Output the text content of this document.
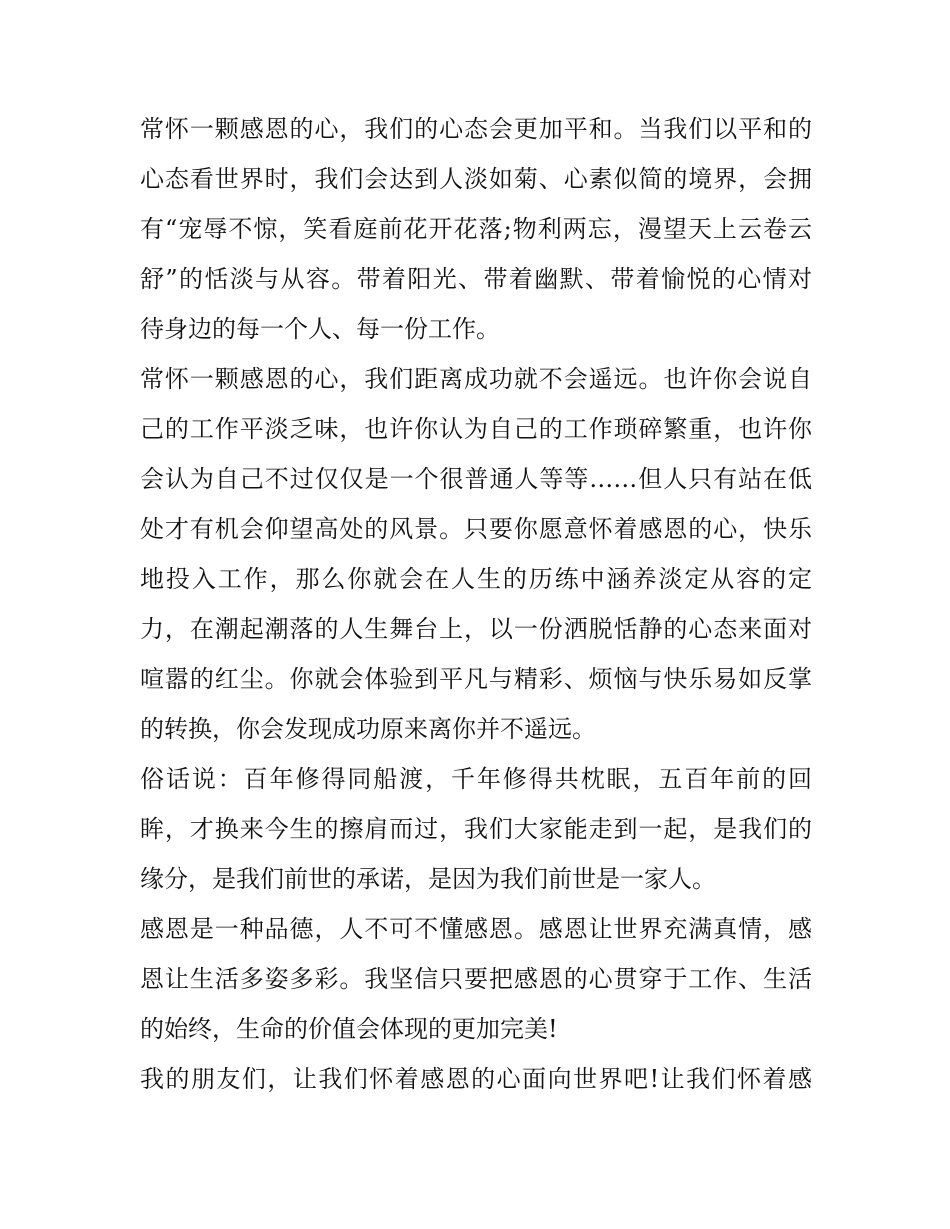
常怀一颗感恩的心，我们的心态会更加平和。当我们以平和的
心态看世界时，我们会达到人淡如菊、心素似简的境界，会拥
有“宠辱不惊，笑看庭前花开花落;物利两忘，漫望天上云卷云
舒”的恬淡与从容。带着阳光、带着幽默、带着愉悦的心情对
待身边的每一个人、每一份工作。
常怀一颗感恩的心，我们距离成功就不会遥远。也许你会说自
己的工作平淡乏味，也许你认为自己的工作琐碎繁重，也许你
会认为自己不过仅仅是一个很普通人等等……但人只有站在低
处才有机会仰望高处的风景。只要你愿意怀着感恩的心，快乐
地投入工作，那么你就会在人生的历练中涵养淡定从容的定
力，在潮起潮落的人生舞台上，以一份洒脱恬静的心态来面对
喧嚣的红尘。你就会体验到平凡与精彩、烦恼与快乐易如反掌
的转换，你会发现成功原来离你并不遥远。
俗话说：百年修得同船渡，千年修得共枕眠，五百年前的回
眸，才换来今生的擦肩而过，我们大家能走到一起，是我们的
缘分，是我们前世的承诺，是因为我们前世是一家人。
感恩是一种品德，人不可不懂感恩。感恩让世界充满真情，感
恩让生活多姿多彩。我坚信只要把感恩的心贯穿于工作、生活
的始终，生命的价值会体现的更加完美!
我的朋友们，让我们怀着感恩的心面向世界吧!让我们怀着感
